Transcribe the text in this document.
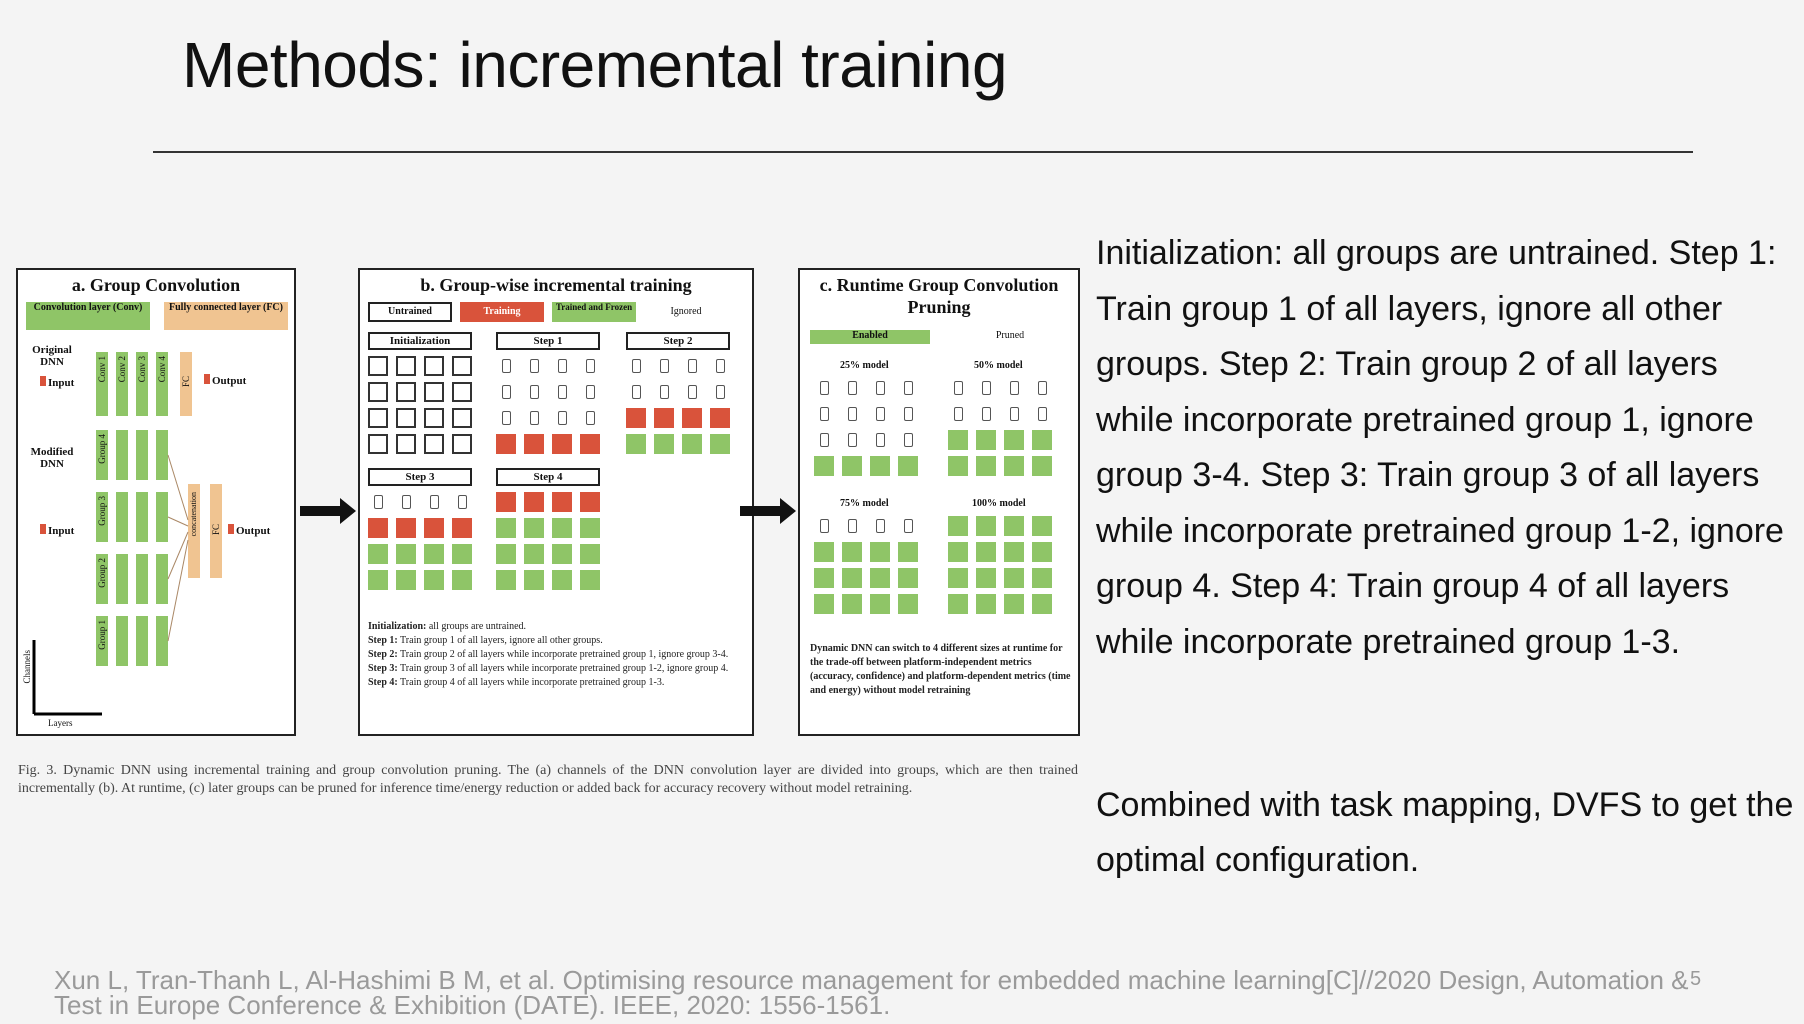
Methods: incremental training
a. Group Convolution
Convolution layer (Conv)	Fully connected layer (FC)
Original DNN
Modified DNN
Input	Output
Input	Output
Conv 1 Conv 2 Conv 3 Conv 4 FC
Group 4
Group 3
Group 2
Group 1
concatenation FC
Channels
Layers
b. Group-wise incremental training
Untrained	Training	Trained and Frozen	Ignored
Initialization	Step 1	Step 2
Step 3	Step 4
Initialization: all groups are untrained.
Step 1: Train group 1 of all layers, ignore all other groups.
Step 2: Train group 2 of all layers while incorporate pretrained group 1, ignore group 3-4.
Step 3: Train group 3 of all layers while incorporate pretrained group 1-2, ignore group 4.
Step 4: Train group 4 of all layers while incorporate pretrained group 1-3.
c. Runtime Group Convolution Pruning
Enabled	Pruned
25% model	50% model
75% model	100% model
Dynamic DNN can switch to 4 different sizes at runtime for the trade-off between platform-independent metrics (accuracy, confidence) and platform-dependent metrics (time and energy) without model retraining
Fig. 3. Dynamic DNN using incremental training and group convolution pruning. The (a) channels of the DNN convolution layer are divided into groups, which are then trained incrementally (b). At runtime, (c) later groups can be pruned for inference time/energy reduction or added back for accuracy recovery without model retraining.
Initialization: all groups are untrained. Step 1: Train group 1 of all layers, ignore all other groups. Step 2: Train group 2 of all layers while incorporate pretrained group 1, ignore group 3-4. Step 3: Train group 3 of all layers while incorporate pretrained group 1-2, ignore group 4. Step 4: Train group 4 of all layers while incorporate pretrained group 1-3.
Combined with task mapping, DVFS to get the optimal configuration.
Xun L, Tran-Thanh L, Al-Hashimi B M, et al. Optimising resource management for embedded machine learning[C]//2020 Design, Automation & Test in Europe Conference & Exhibition (DATE). IEEE, 2020: 1556-1561.
5
